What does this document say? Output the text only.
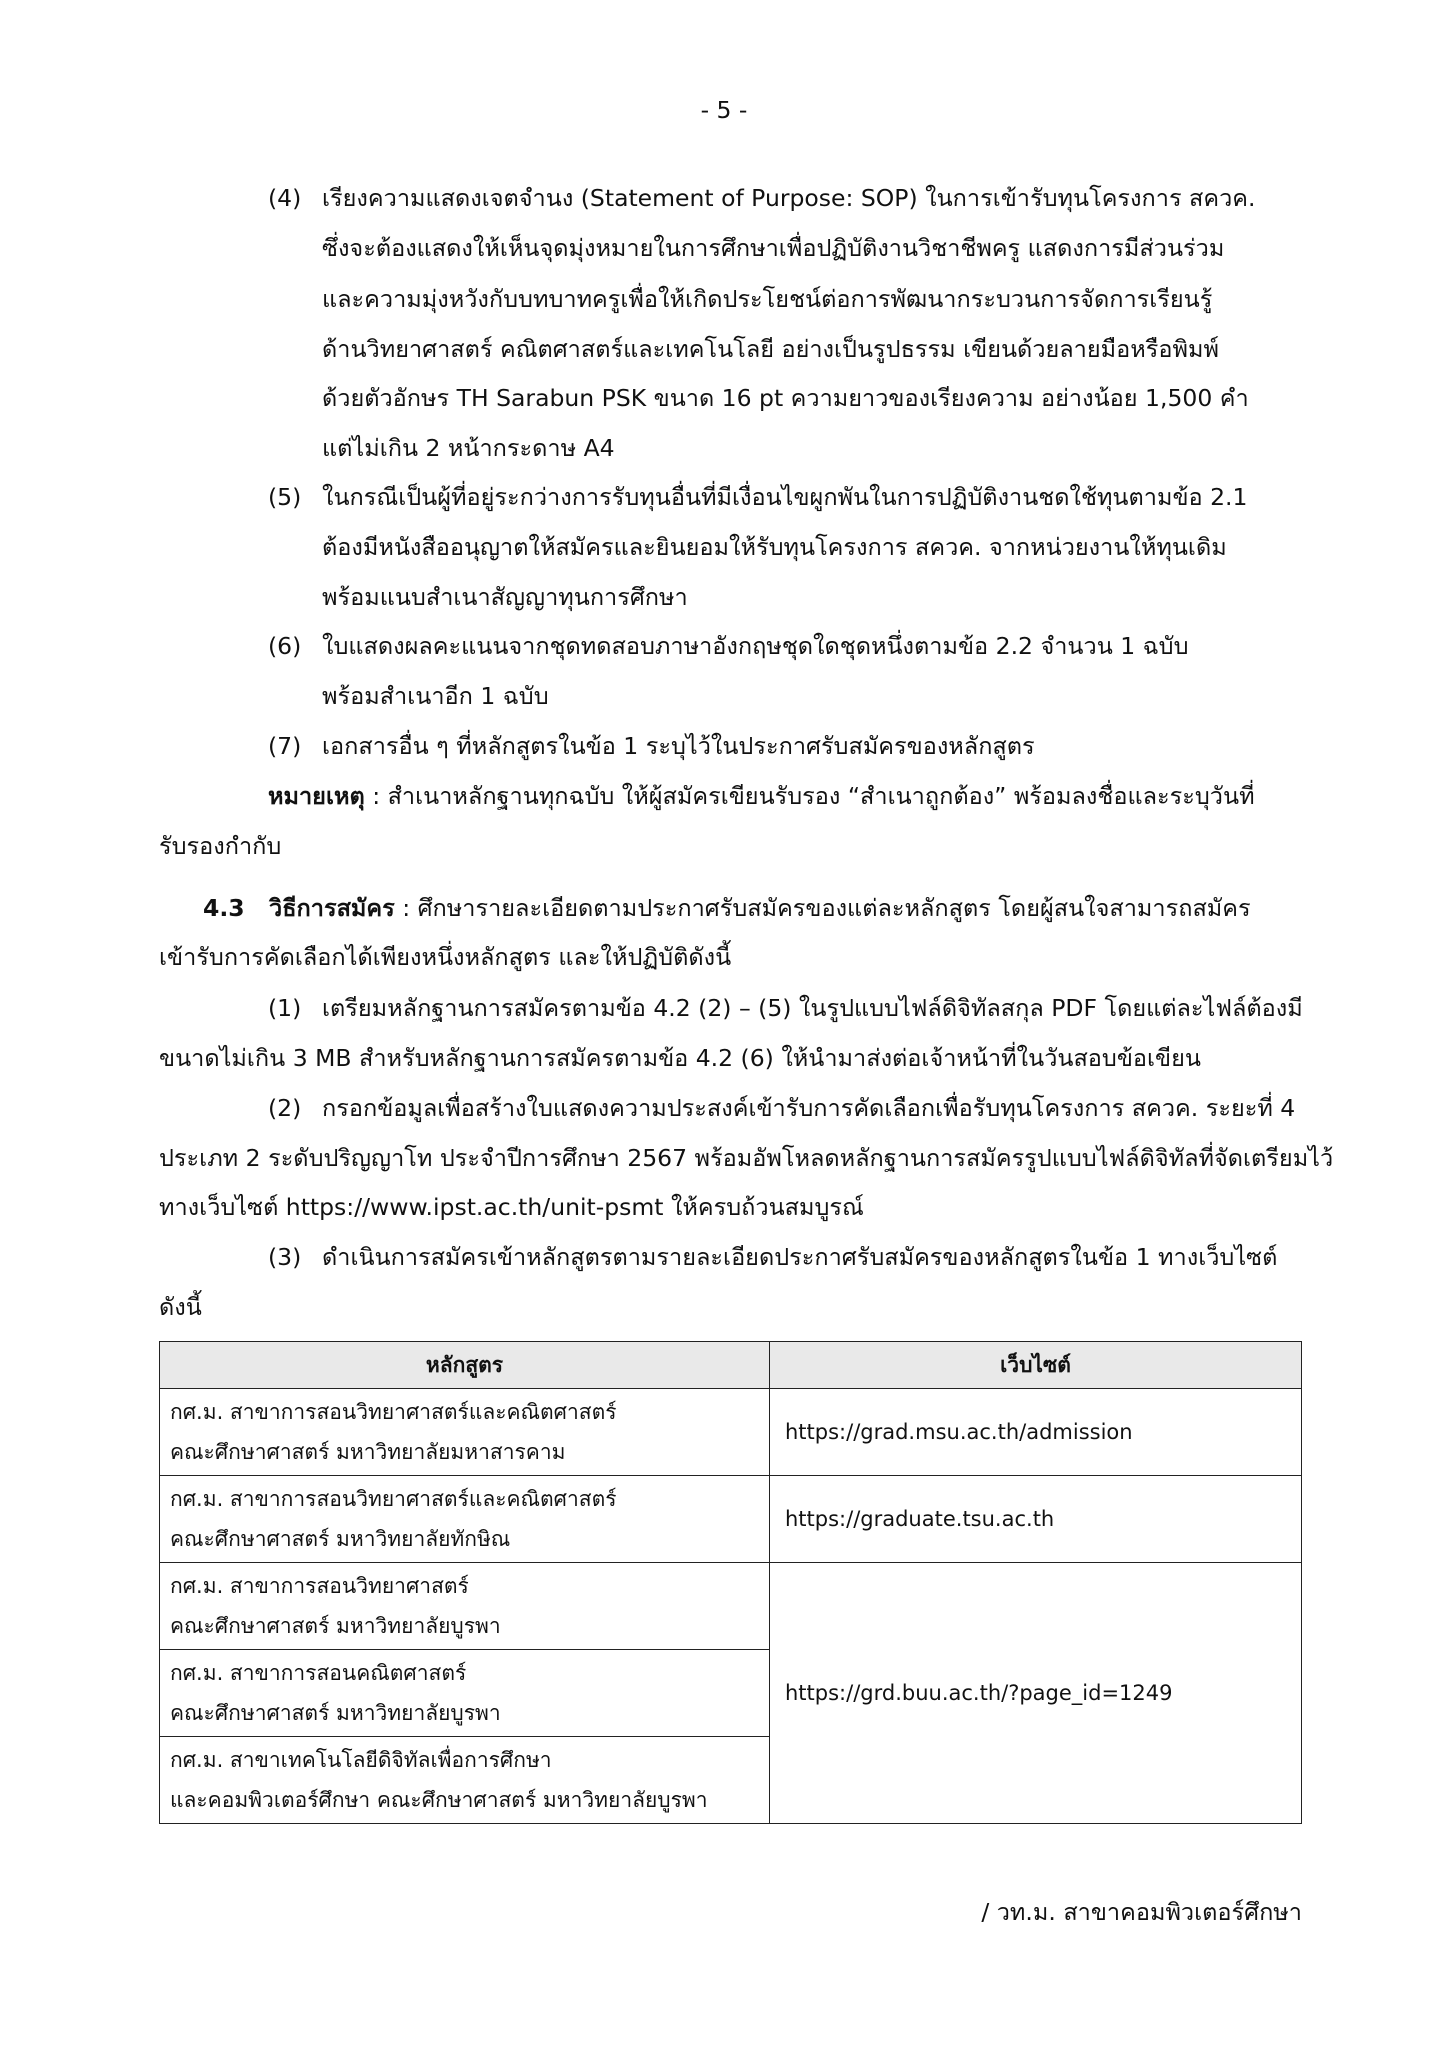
- 5 -
(4) เรียงความแสดงเจตจำนง (Statement of Purpose: SOP) ในการเข้ารับทุนโครงการ สควค.
ซึ่งจะต้องแสดงให้เห็นจุดมุ่งหมายในการศึกษาเพื่อปฏิบัติงานวิชาชีพครู แสดงการมีส่วนร่วม
และความมุ่งหวังกับบทบาทครูเพื่อให้เกิดประโยชน์ต่อการพัฒนากระบวนการจัดการเรียนรู้
ด้านวิทยาศาสตร์ คณิตศาสตร์และเทคโนโลยี อย่างเป็นรูปธรรม เขียนด้วยลายมือหรือพิมพ์
ด้วยตัวอักษร TH Sarabun PSK ขนาด 16 pt ความยาวของเรียงความ อย่างน้อย 1,500 คำ
แต่ไม่เกิน 2 หน้ากระดาษ A4
(5) ในกรณีเป็นผู้ที่อยู่ระกว่างการรับทุนอื่นที่มีเงื่อนไขผูกพันในการปฏิบัติงานชดใช้ทุนตามข้อ 2.1
ต้องมีหนังสืออนุญาตให้สมัครและยินยอมให้รับทุนโครงการ สควค. จากหน่วยงานให้ทุนเดิม
พร้อมแนบสำเนาสัญญาทุนการศึกษา
(6) ใบแสดงผลคะแนนจากชุดทดสอบภาษาอังกฤษชุดใดชุดหนึ่งตามข้อ 2.2 จำนวน 1 ฉบับ
พร้อมสำเนาอีก 1 ฉบับ
(7) เอกสารอื่น ๆ ที่หลักสูตรในข้อ 1 ระบุไว้ในประกาศรับสมัครของหลักสูตร
หมายเหตุ : สำเนาหลักฐานทุกฉบับ ให้ผู้สมัครเขียนรับรอง “สำเนาถูกต้อง” พร้อมลงชื่อและระบุวันที่
รับรองกำกับ
4.3 วิธีการสมัคร : ศึกษารายละเอียดตามประกาศรับสมัครของแต่ละหลักสูตร โดยผู้สนใจสามารถสมัคร
เข้ารับการคัดเลือกได้เพียงหนึ่งหลักสูตร และให้ปฏิบัติดังนี้
(1) เตรียมหลักฐานการสมัครตามข้อ 4.2 (2) – (5) ในรูปแบบไฟล์ดิจิทัลสกุล PDF โดยแต่ละไฟล์ต้องมี
ขนาดไม่เกิน 3 MB สำหรับหลักฐานการสมัครตามข้อ 4.2 (6) ให้นำมาส่งต่อเจ้าหน้าที่ในวันสอบข้อเขียน
(2) กรอกข้อมูลเพื่อสร้างใบแสดงความประสงค์เข้ารับการคัดเลือกเพื่อรับทุนโครงการ สควค. ระยะที่ 4
ประเภท 2 ระดับปริญญาโท ประจำปีการศึกษา 2567 พร้อมอัพโหลดหลักฐานการสมัครรูปแบบไฟล์ดิจิทัลที่จัดเตรียมไว้
ทางเว็บไซต์ https://www.ipst.ac.th/unit-psmt ให้ครบถ้วนสมบูรณ์
(3) ดำเนินการสมัครเข้าหลักสูตรตามรายละเอียดประกาศรับสมัครของหลักสูตรในข้อ 1 ทางเว็บไซต์
ดังนี้
หลักสูตร	เว็บไซต์

กศ.ม. สาขาการสอนวิทยาศาสตร์และคณิตศาสตร์
คณะศึกษาศาสตร์ มหาวิทยาลัยมหาสารคาม	https://grad.msu.ac.th/admission

กศ.ม. สาขาการสอนวิทยาศาสตร์และคณิตศาสตร์
คณะศึกษาศาสตร์ มหาวิทยาลัยทักษิณ	https://graduate.tsu.ac.th

กศ.ม. สาขาการสอนวิทยาศาสตร์
คณะศึกษาศาสตร์ มหาวิทยาลัยบูรพา	https://grd.buu.ac.th/?page_id=1249

กศ.ม. สาขาการสอนคณิตศาสตร์
คณะศึกษาศาสตร์ มหาวิทยาลัยบูรพา	

กศ.ม. สาขาเทคโนโลยีดิจิทัลเพื่อการศึกษา
และคอมพิวเตอร์ศึกษา คณะศึกษาศาสตร์ มหาวิทยาลัยบูรพา	
/ วท.ม. สาขาคอมพิวเตอร์ศึกษา
